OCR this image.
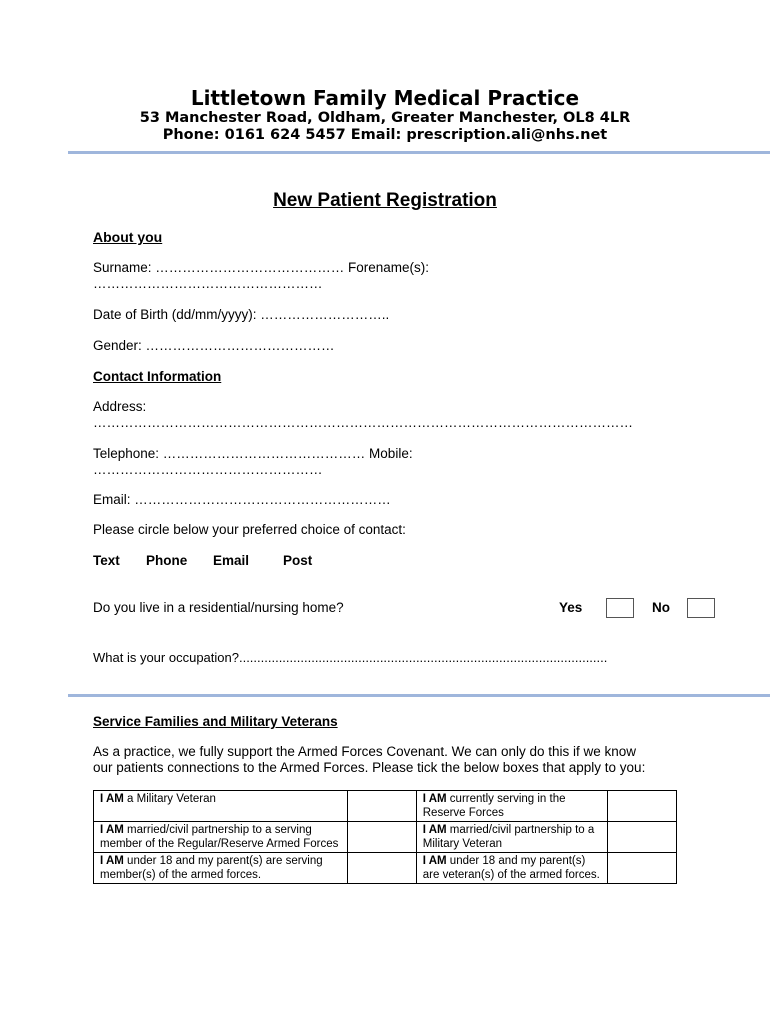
Littletown Family Medical Practice
53 Manchester Road, Oldham, Greater Manchester, OL8 4LR
Phone: 0161 624 5457 Email: prescription.ali@nhs.net
New Patient Registration
About you
Surname: …………………………………… Forename(s):
……………………………………………
Date of Birth (dd/mm/yyyy): ………………………..
Gender: ……………………………………
Contact Information
Address:
…………………………………………………………………………………………………………
Telephone: ……………………………………… Mobile:
……………………………………………
Email: …………………………………………………
Please circle below your preferred choice of contact:
Text Phone Email	Post
Do you live in a residential/nursing home?	Yes	No
What is your occupation?......................................................................................................
Service Families and Military Veterans
As a practice, we fully support the Armed Forces Covenant. We can only do this if we know
our patients connections to the Armed Forces. Please tick the below boxes that apply to you:
I AM a Military Veteran		I AM currently serving in the Reserve Forces	
I AM married/civil partnership to a serving member of the Regular/Reserve Armed Forces		I AM married/civil partnership to a Military Veteran	
I AM under 18 and my parent(s) are serving member(s) of the armed forces.		I AM under 18 and my parent(s) are veteran(s) of the armed forces.	
